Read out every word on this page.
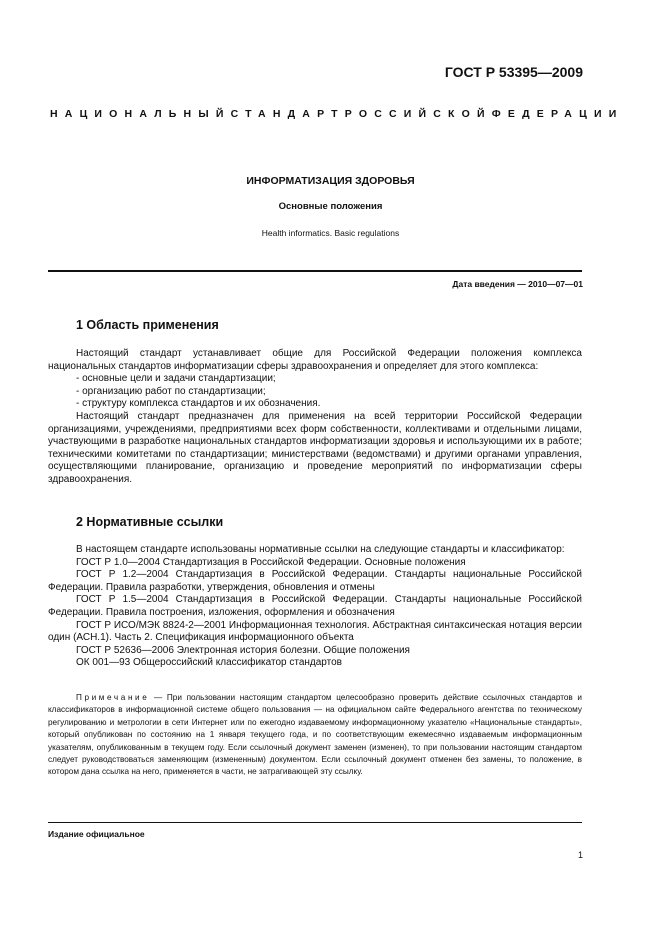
ГОСТ Р 53395—2009
НАЦИОНАЛЬНЫЙ СТАНДАРТ РОССИЙСКОЙ ФЕДЕРАЦИИ
ИНФОРМАТИЗАЦИЯ ЗДОРОВЬЯ
Основные положения
Health informatics. Basic regulations
Дата введения — 2010—07—01
1 Область применения

Настоящий стандарт устанавливает общие для Российской Федерации положения комплекса национальных стандартов информатизации сферы здравоохранения и определяет для этого комплекса:

- основные цели и задачи стандартизации;

- организацию работ по стандартизации;

- структуру комплекса стандартов и их обозначения.

Настоящий стандарт предназначен для применения на всей территории Российской Федерации организациями, учреждениями, предприятиями всех форм собственности, коллективами и отдельными лицами, участвующими в разработке национальных стандартов информатизации здоровья и использующими их в работе; техническими комитетами по стандартизации; министерствами (ведомствами) и другими органами управления, осуществляющими планирование, организацию и проведение мероприятий по информатизации сферы здравоохранения.

2 Нормативные ссылки

В настоящем стандарте использованы нормативные ссылки на следующие стандарты и классификатор:

ГОСТ Р 1.0—2004 Стандартизация в Российской Федерации. Основные положения

ГОСТ Р 1.2—2004 Стандартизация в Российской Федерации. Стандарты национальные Российской Федерации. Правила разработки, утверждения, обновления и отмены

ГОСТ Р 1.5—2004 Стандартизация в Российской Федерации. Стандарты национальные Российской Федерации. Правила построения, изложения, оформления и обозначения

ГОСТ Р ИСО/МЭК 8824-2—2001 Информационная технология. Абстрактная синтаксическая нотация версии один (АСН.1). Часть 2. Спецификация информационного объекта

ГОСТ Р 52636—2006 Электронная история болезни. Общие положения

ОК 001—93 Общероссийский классификатор стандартов

Примечание — При пользовании настоящим стандартом целесообразно проверить действие ссылочных стандартов и классификаторов в информационной системе общего пользования — на официальном сайте Федерального агентства по техническому регулированию и метрологии в сети Интернет или по ежегодно издаваемому информационному указателю «Национальные стандарты», который опубликован по состоянию на 1 января текущего года, и по соответствующим ежемесячно издаваемым информационным указателям, опубликованным в текущем году. Если ссылочный документ заменен (изменен), то при пользовании настоящим стандартом следует руководствоваться заменяющим (измененным) документом. Если ссылочный документ отменен без замены, то положение, в котором дана ссылка на него, применяется в части, не затрагивающей эту ссылку.

Издание официальное
1
